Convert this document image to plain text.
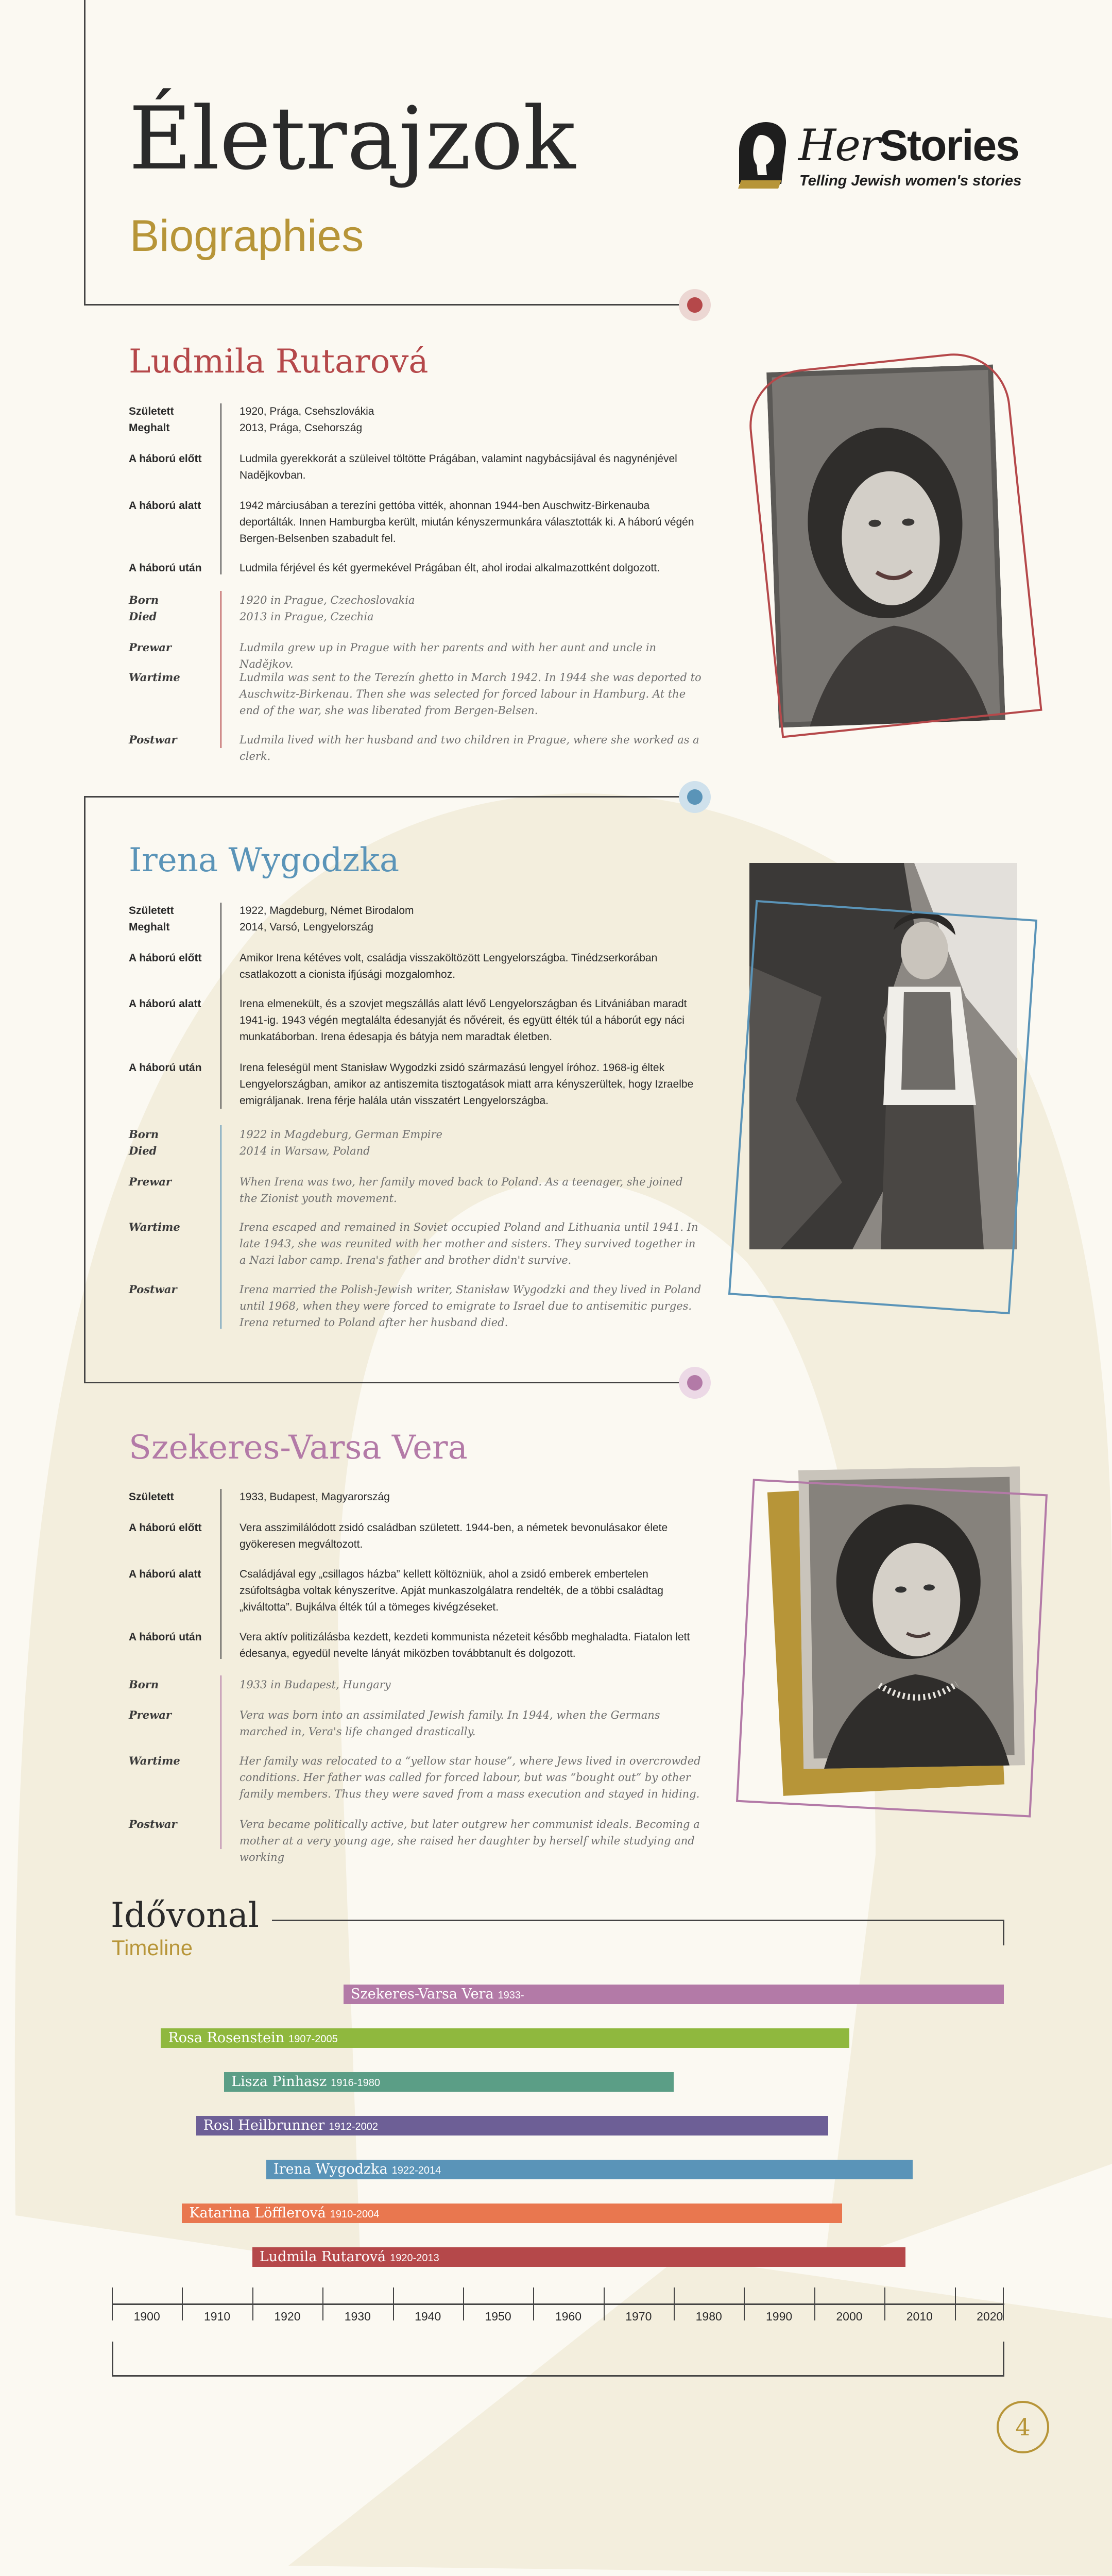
Életrajzok
Biographies
HerStories
Telling Jewish women's stories
Ludmila Rutarová
Született	1920, Prága, Csehszlovákia
Meghalt	2013, Prága, Csehország
A háború előtt	Ludmila gyerekkorát a szüleivel töltötte Prágában, valamint nagybácsijával és nagynénjével Nadějkovban.
A háború alatt	1942 márciusában a terezíni gettóba vitték, ahonnan 1944-ben Auschwitz-Birkenauba deportálták. Innen Hamburgba került, miután kényszermunkára választották ki. A háború végén Bergen-Belsenben szabadult fel.
A háború után	Ludmila férjével és két gyermekével Prágában élt, ahol irodai alkalmazottként dolgozott.
Born	1920 in Prague, Czechoslovakia
Died	2013 in Prague, Czechia
Prewar	Ludmila grew up in Prague with her parents and with her aunt and uncle in Nadějkov.
Wartime	Ludmila was sent to the Terezín ghetto in March 1942. In 1944 she was deported to Auschwitz-Birkenau. Then she was selected for forced labour in Hamburg. At the end of the war, she was liberated from Bergen-Belsen.
Postwar	Ludmila lived with her husband and two children in Prague, where she worked as a clerk.
Irena Wygodzka
Született	1922, Magdeburg, Német Birodalom
Meghalt	2014, Varsó, Lengyelország
A háború előtt	Amikor Irena kétéves volt, családja visszaköltözött Lengyelországba. Tinédzserkorában csatlakozott a cionista ifjúsági mozgalomhoz.
A háború alatt	Irena elmenekült, és a szovjet megszállás alatt lévő Lengyelországban és Litvániában maradt 1941-ig. 1943 végén megtalálta édesanyját és nővéreit, és együtt élték túl a háborút egy náci munkatáborban. Irena édesapja és bátyja nem maradtak életben.
A háború után	Irena feleségül ment Stanisław Wygodzki zsidó származású lengyel íróhoz. 1968-ig éltek Lengyelországban, amikor az antiszemita tisztogatások miatt arra kényszerültek, hogy Izraelbe emigráljanak. Irena férje halála után visszatért Lengyelországba.
Born	1922 in Magdeburg, German Empire
Died	2014 in Warsaw, Poland
Prewar	When Irena was two, her family moved back to Poland. As a teenager, she joined the Zionist youth movement.
Wartime	Irena escaped and remained in Soviet occupied Poland and Lithuania until 1941. In late 1943, she was reunited with her mother and sisters. They survived together in a Nazi labor camp. Irena's father and brother didn't survive.
Postwar	Irena married the Polish-Jewish writer, Stanisław Wygodzki and they lived in Poland until 1968, when they were forced to emigrate to Israel due to antisemitic purges. Irena returned to Poland after her husband died.
Szekeres-Varsa Vera
Született	1933, Budapest, Magyarország
A háború előtt	Vera asszimilálódott zsidó családban született. 1944-ben, a németek bevonulásakor élete gyökeresen megváltozott.
A háború alatt	Családjával egy „csillagos házba” kellett költözniük, ahol a zsidó emberek embertelen zsúfoltságba voltak kényszerítve. Apját munkaszolgálatra rendelték, de a többi családtag „kiváltotta”. Bujkálva élték túl a tömeges kivégzéseket.
A háború után	Vera aktív politizálásba kezdett, kezdeti kommunista nézeteit később meghaladta. Fiatalon lett édesanya, egyedül nevelte lányát miközben továbbtanult és dolgozott.
Born	1933 in Budapest, Hungary
Prewar	Vera was born into an assimilated Jewish family. In 1944, when the Germans marched in, Vera's life changed drastically.
Wartime	Her family was relocated to a “yellow star house”, where Jews lived in overcrowded conditions. Her father was called for forced labour, but was “bought out” by other family members. Thus they were saved from a mass execution and stayed in hiding.
Postwar	Vera became politically active, but later outgrew her communist ideals. Becoming a mother at a very young age, she raised her daughter by herself while studying and working
Idővonal
Timeline
Szekeres-Varsa Vera 1933-
Rosa Rosenstein 1907-2005
Lisza Pinhasz 1916-1980
Rosl Heilbrunner 1912-2002
Irena Wygodzka 1922-2014
Katarina Löfflerová 1910-2004
Ludmila Rutarová 1920-2013
1900	1910	1920	1930	1940	1950	1960	1970	1980	1990	2000	2010	2020
4
